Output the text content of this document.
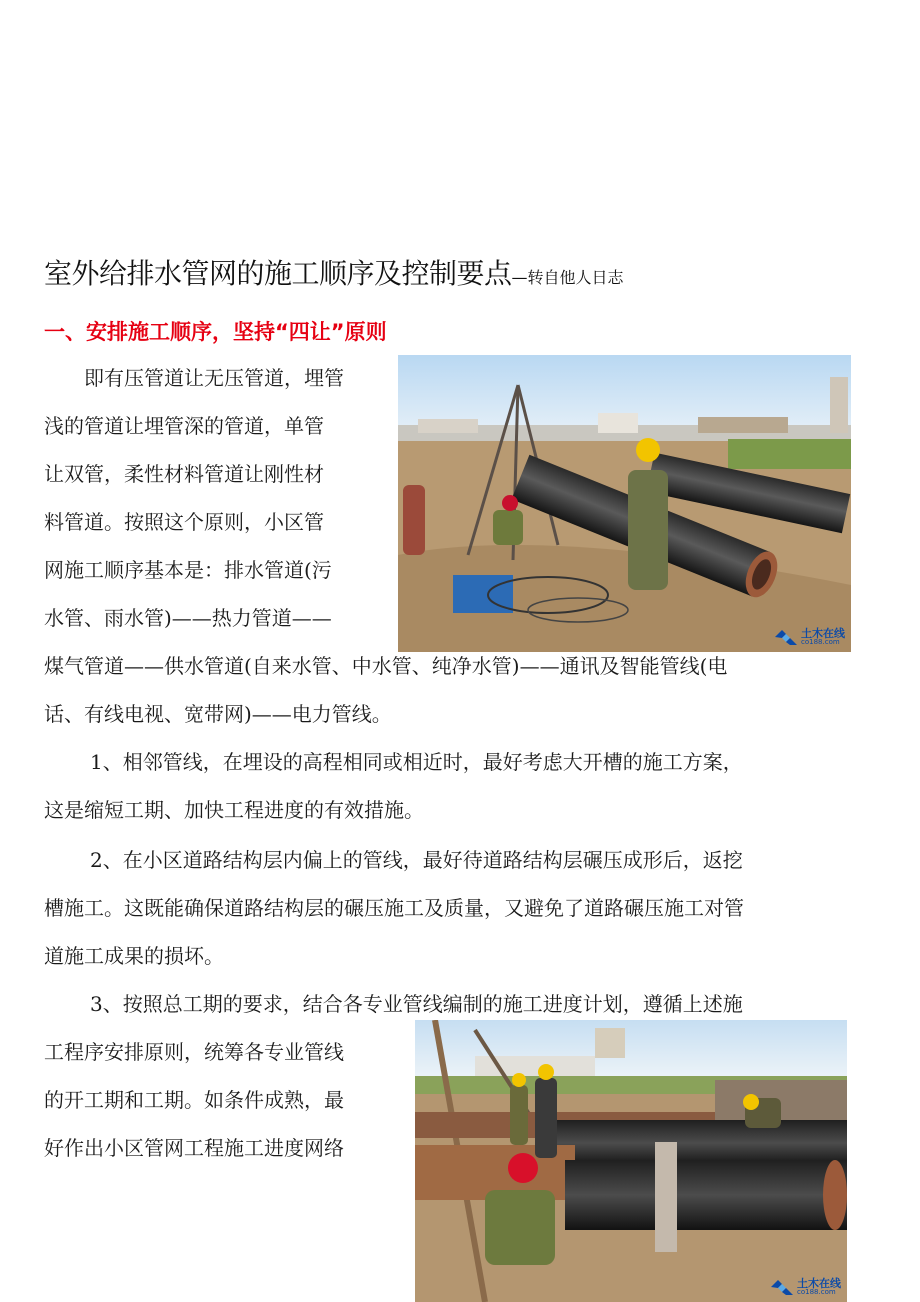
室外给排水管网的施工顺序及控制要点—转自他人日志
一、安排施工顺序，坚持“四让”原则
即有压管道让无压管道，埋管
浅的管道让埋管深的管道，单管
让双管，柔性材料管道让刚性材
料管道。按照这个原则，小区管
网施工顺序基本是：排水管道(污
水管、雨水管)——热力管道——
煤气管道——供水管道(自来水管、中水管、纯净水管)——通讯及智能管线(电
话、有线电视、宽带网)——电力管线。
1、相邻管线，在埋设的高程相同或相近时，最好考虑大开槽的施工方案，
这是缩短工期、加快工程进度的有效措施。
2、在小区道路结构层内偏上的管线，最好待道路结构层碾压成形后，返挖
槽施工。这既能确保道路结构层的碾压施工及质量，又避免了道路碾压施工对管
道施工成果的损坏。
3、按照总工期的要求，结合各专业管线编制的施工进度计划，遵循上述施
工程序安排原则，统筹各专业管线
的开工期和工期。如条件成熟，最
好作出小区管网工程施工进度网络
土木在线
co188.com
土木在线
co188.com
